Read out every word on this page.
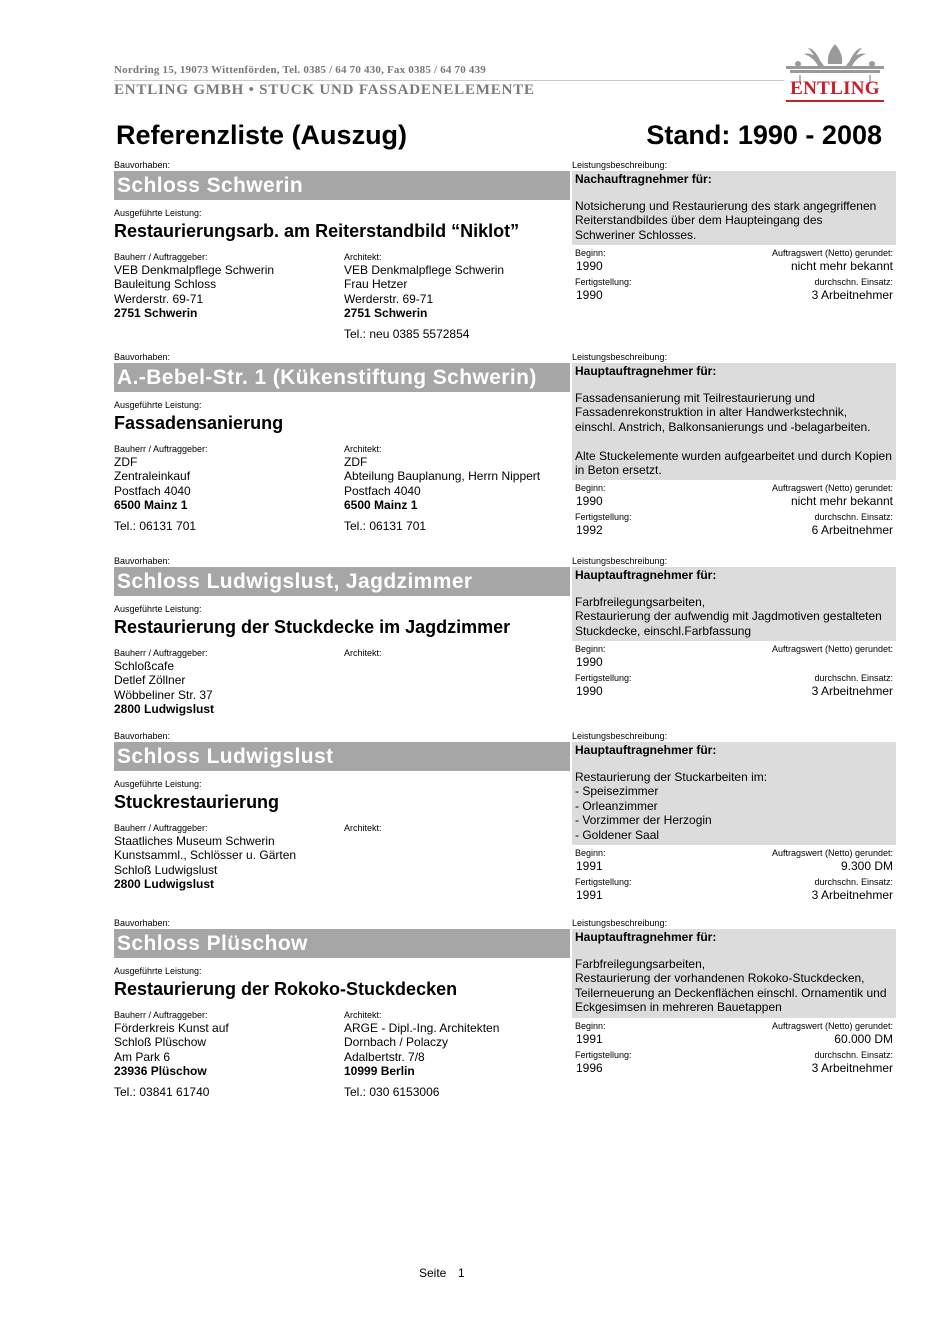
Nordring 15, 19073 Wittenförden, Tel. 0385 / 64 70 430, Fax 0385 / 64 70 439
ENTLING GMBH • STUCK UND FASSADENELEMENTE	ENTLING
Referenzliste (Auszug)	Stand: 1990 - 2008
Bauvorhaben:
Schloss Schwerin
Ausgeführte Leistung:
Restaurierungsarb. am Reiterstandbild “Niklot”
Bauherr / Auftraggeber:
VEB Denkmalpflege Schwerin
Bauleitung Schloss
Werderstr. 69-71
2751 Schwerin
Architekt:
VEB Denkmalpflege Schwerin
Frau Hetzer
Werderstr. 69-71
2751 Schwerin
Tel.: neu 0385 5572854
Leistungsbeschreibung:
Nachauftragnehmer für:
Notsicherung und Restaurierung des stark angegriffenen
Reiterstandbildes über dem Haupteingang des
Schweriner Schlosses.
Beginn:	Auftragswert (Netto) gerundet:
1990	nicht mehr bekannt
Fertigstellung:	durchschn. Einsatz:
1990	3 Arbeitnehmer
Bauvorhaben:
A.-Bebel-Str. 1 (Kükenstiftung Schwerin)
Ausgeführte Leistung:
Fassadensanierung
Bauherr / Auftraggeber:
ZDF
Zentraleinkauf
Postfach 4040
6500 Mainz 1
Tel.: 06131 701
Architekt:
ZDF
Abteilung Bauplanung, Herrn Nippert
Postfach 4040
6500 Mainz 1
Tel.: 06131 701
Leistungsbeschreibung:
Hauptauftragnehmer für:
Fassadensanierung mit Teilrestaurierung und
Fassadenrekonstruktion in alter Handwerkstechnik,
einschl. Anstrich, Balkonsanierungs und -belagarbeiten.

Alte Stuckelemente wurden aufgearbeitet und durch Kopien
in Beton ersetzt.
Beginn:	Auftragswert (Netto) gerundet:
1990	nicht mehr bekannt
Fertigstellung:	durchschn. Einsatz:
1992	6 Arbeitnehmer
Bauvorhaben:
Schloss Ludwigslust, Jagdzimmer
Ausgeführte Leistung:
Restaurierung der Stuckdecke im Jagdzimmer
Bauherr / Auftraggeber:
Schloßcafe
Detlef Zöllner
Wöbbeliner Str. 37
2800 Ludwigslust
Architekt:
Leistungsbeschreibung:
Hauptauftragnehmer für:
Farbfreilegungsarbeiten,
Restaurierung der aufwendig mit Jagdmotiven gestalteten
Stuckdecke, einschl.Farbfassung
Beginn:	Auftragswert (Netto) gerundet:
1990
Fertigstellung:	durchschn. Einsatz:
1990	3 Arbeitnehmer
Bauvorhaben:
Schloss Ludwigslust
Ausgeführte Leistung:
Stuckrestaurierung
Bauherr / Auftraggeber:
Staatliches Museum Schwerin
Kunstsamml., Schlösser u. Gärten
Schloß Ludwigslust
2800 Ludwigslust
Architekt:
Leistungsbeschreibung:
Hauptauftragnehmer für:
Restaurierung der Stuckarbeiten im:
- Speisezimmer
- Orleanzimmer
- Vorzimmer der Herzogin
- Goldener Saal
Beginn:	Auftragswert (Netto) gerundet:
1991	9.300 DM
Fertigstellung:	durchschn. Einsatz:
1991	3 Arbeitnehmer
Bauvorhaben:
Schloss Plüschow
Ausgeführte Leistung:
Restaurierung der Rokoko-Stuckdecken
Bauherr / Auftraggeber:
Förderkreis Kunst auf
Schloß Plüschow
Am Park 6
23936 Plüschow
Tel.: 03841 61740
Architekt:
ARGE - Dipl.-Ing. Architekten
Dornbach / Polaczy
Adalbertstr. 7/8
10999 Berlin
Tel.: 030 6153006
Leistungsbeschreibung:
Hauptauftragnehmer für:
Farbfreilegungsarbeiten,
Restaurierung der vorhandenen Rokoko-Stuckdecken,
Teilerneuerung an Deckenflächen einschl. Ornamentik und
Eckgesimsen in mehreren Bauetappen
Beginn:	Auftragswert (Netto) gerundet:
1991	60.000 DM
Fertigstellung:	durchschn. Einsatz:
1996	3 Arbeitnehmer
Seite 1
